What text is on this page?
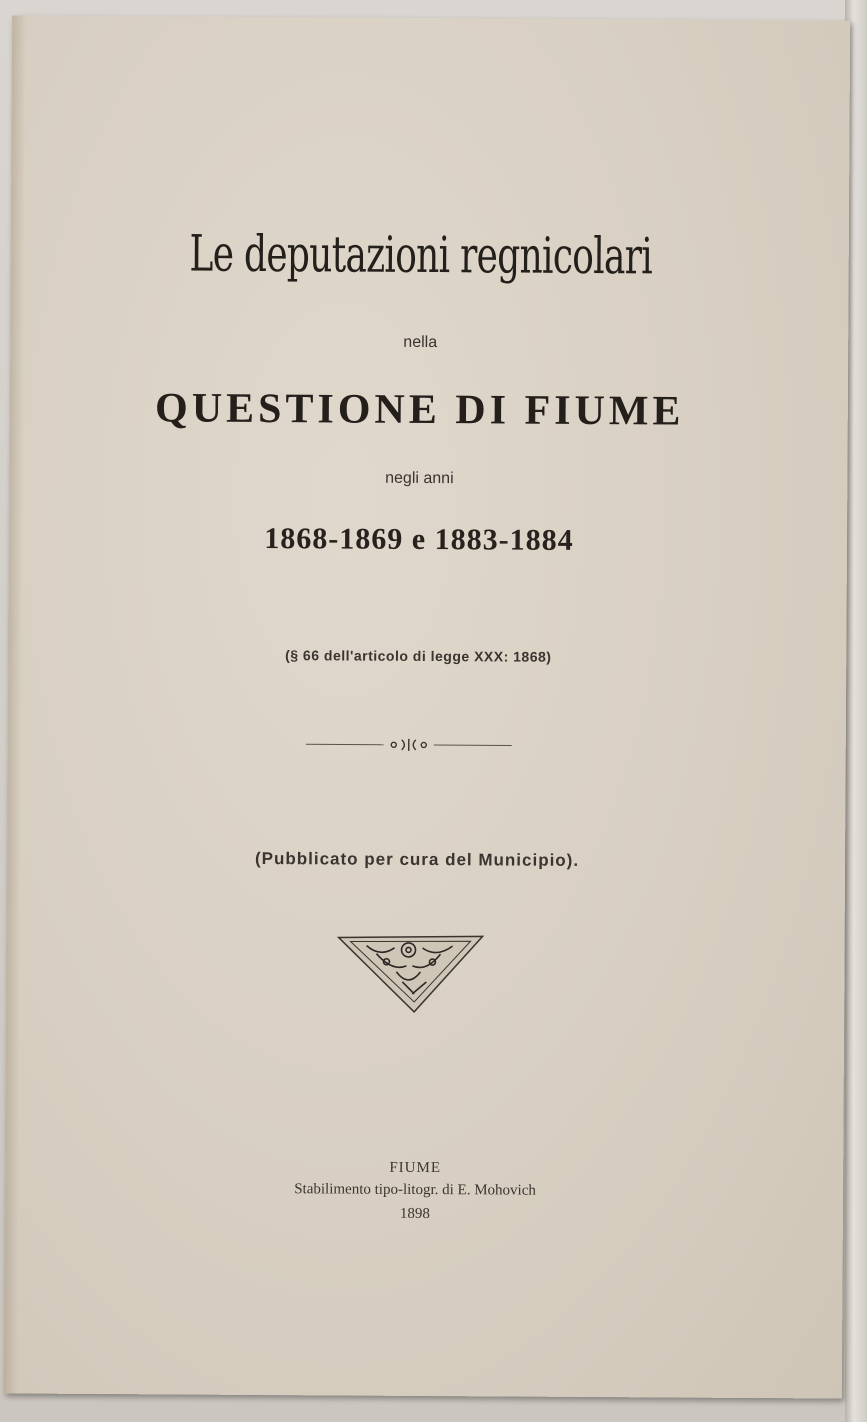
Le deputazioni regnicolari
nella
QUESTIONE DI FIUME
negli anni
1868-1869 e 1883-1884
(§ 66 dell'articolo di legge XXX: 1868)
(Pubblicato per cura del Municipio).
FIUME
Stabilimento tipo-litogr. di E. Mohovich
1898
